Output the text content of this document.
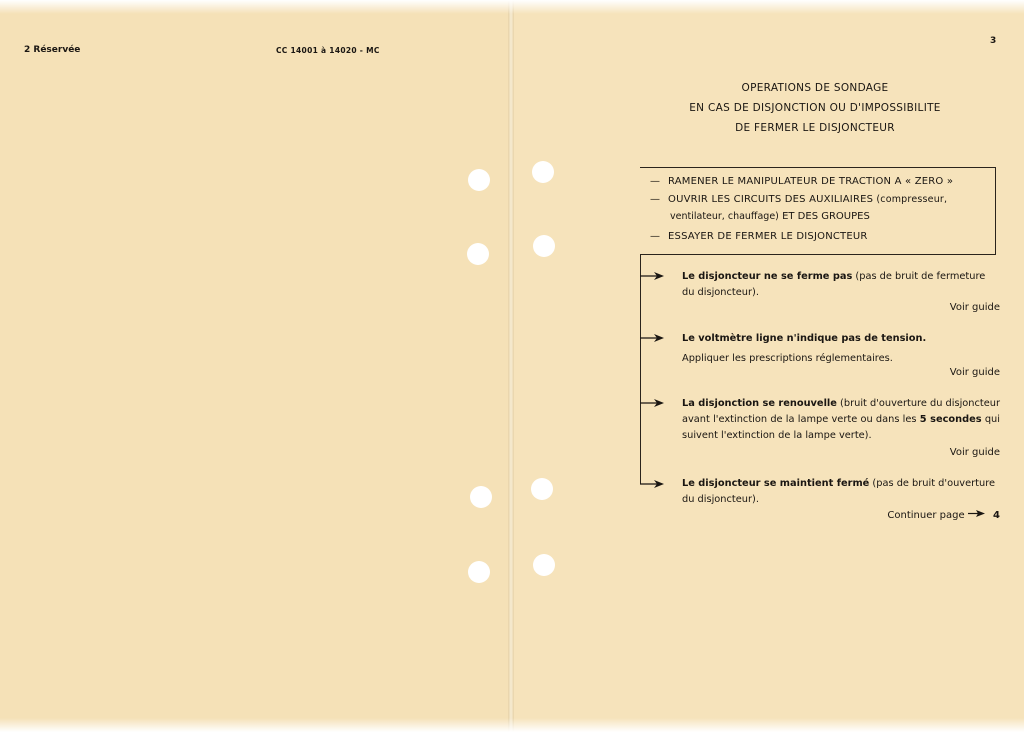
2 Réservée	CC 14001 à 14020 - MC
3
OPERATIONS DE SONDAGE
EN CAS DE DISJONCTION OU D'IMPOSSIBILITE
DE FERMER LE DISJONCTEUR
— RAMENER LE MANIPULATEUR DE TRACTION A « ZERO »
— OUVRIR LES CIRCUITS DES AUXILIAIRES (compresseur,
ventilateur, chauffage) ET DES GROUPES
— ESSAYER DE FERMER LE DISJONCTEUR
Le disjoncteur ne se ferme pas (pas de bruit de fermeture du disjoncteur).
Voir guide
Le voltmètre ligne n'indique pas de tension.
Appliquer les prescriptions réglementaires.
Voir guide
La disjonction se renouvelle (bruit d'ouverture du disjoncteur avant l'extinction de la lampe verte ou dans les 5 secondes qui suivent l'extinction de la lampe verte).
Voir guide
Le disjoncteur se maintient fermé (pas de bruit d'ouverture du disjoncteur).
Continuer page	4
